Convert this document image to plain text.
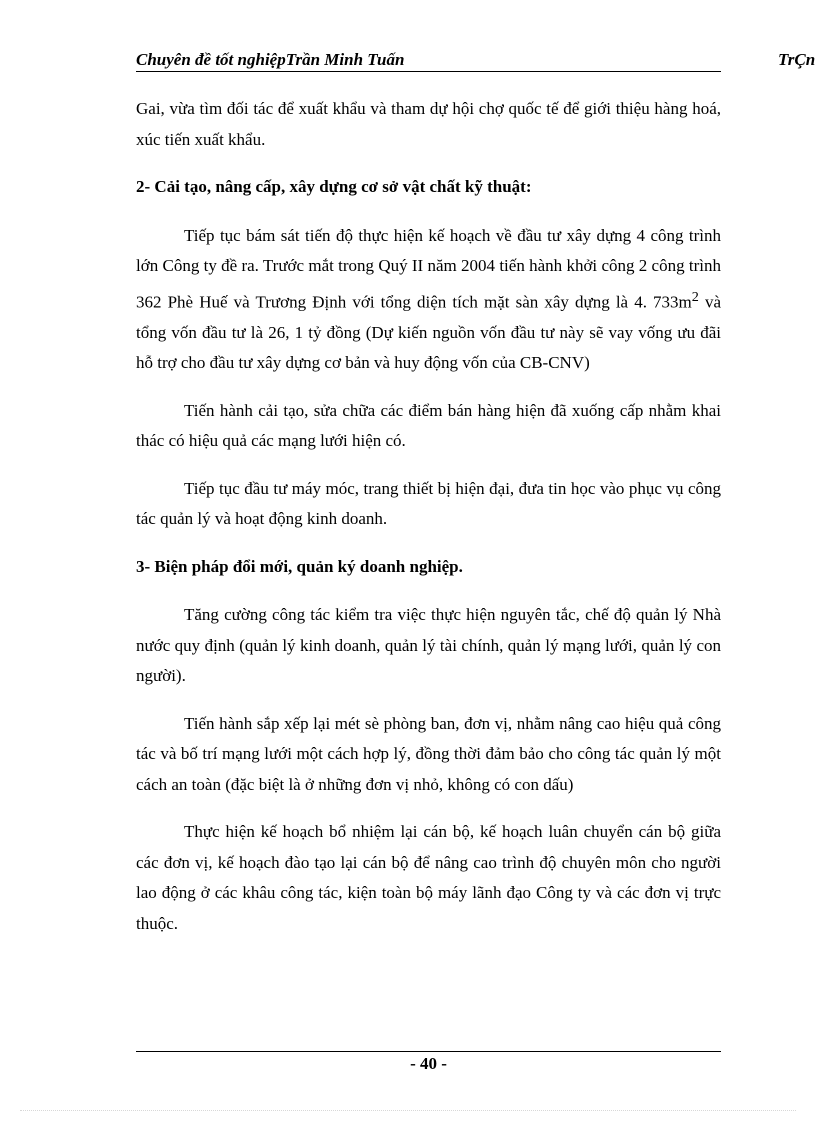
Chuyên đề tốt nghiệpTrần Minh Tuấn	TrÇn

Gai, vừa tìm đối tác để xuất khẩu và tham dự hội chợ quốc tế để giới thiệu hàng hoá, xúc tiến xuất khẩu.

2- Cải tạo, nâng cấp, xây dựng cơ sở vật chất kỹ thuật:

Tiếp tục bám sát tiến độ thực hiện kế hoạch về đầu tư xây dựng 4 công trình lớn Công ty đề ra. Trước mắt trong Quý II năm 2004 tiến hành khởi công 2 công trình 362 Phè Huế và Trương Định với tổng diện tích mặt sàn xây dựng là 4. $733m^2$ và tổng vốn đầu tư là 26, 1 tỷ đồng (Dự kiến nguồn vốn đầu tư này sẽ vay vống ưu đãi hỗ trợ cho đầu tư xây dựng cơ bản và huy động vốn của CB-CNV)

Tiến hành cải tạo, sửa chữa các điểm bán hàng hiện đã xuống cấp nhằm khai thác có hiệu quả các mạng lưới hiện có.

Tiếp tục đầu tư máy móc, trang thiết bị hiện đại, đưa tin học vào phục vụ công tác quản lý và hoạt động kinh doanh.

3- Biện pháp đổi mới, quản ký doanh nghiệp.

Tăng cường công tác kiểm tra việc thực hiện nguyên tắc, chế độ quản lý Nhà nước quy định (quản lý kinh doanh, quản lý tài chính, quản lý mạng lưới, quản lý con người).

Tiến hành sắp xếp lại mét sè phòng ban, đơn vị, nhằm nâng cao hiệu quả công tác và bố trí mạng lưới một cách hợp lý, đồng thời đảm bảo cho công tác quản lý một cách an toàn (đặc biệt là ở những đơn vị nhỏ, không có con dấu)

Thực hiện kế hoạch bổ nhiệm lại cán bộ, kế hoạch luân chuyển cán bộ giữa các đơn vị, kế hoạch đào tạo lại cán bộ để nâng cao trình độ chuyên môn cho người lao động ở các khâu công tác, kiện toàn bộ máy lãnh đạo Công ty và các đơn vị trực thuộc.

- 40 -
